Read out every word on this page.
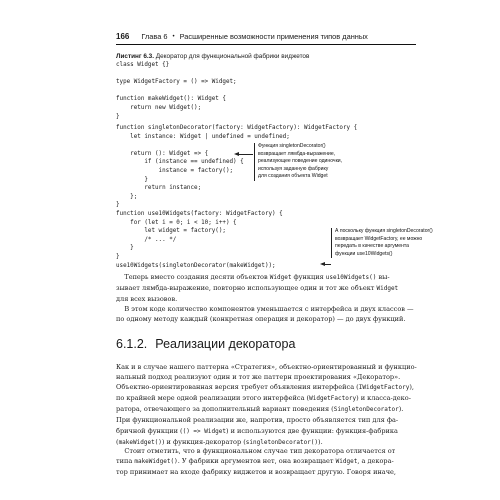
166 Глава 6 • Расширенные возможности применения типов данных
Листинг 6.3. Декоратор для функциональной фабрики виджетов
class Widget {}

type WidgetFactory = () => Widget;

function makeWidget(): Widget {
return new Widget();
}
function singletonDecorator(factory: WidgetFactory): WidgetFactory {
let instance: Widget | undefined = undefined;

return (): Widget => {
if (instance == undefined) {
instance = factory();
}
return instance;
};
}
function use10Widgets(factory: WidgetFactory) {
for (let i = 0; i < 10; i++) {
let widget = factory();
/* ... */
}
}
use10Widgets(singletonDecorator(makeWidget));
Функция singletonDecorator()
возвращает лямбда-выражение,
реализующее поведение одиночки,
используя заданную фабрику
для создания объекта Widget
А поскольку функция singletonDecorator()
возвращает WidgetFactory, ее можно
передать в качестве аргумента
функции use10Widgets()
Теперь вместо создания десяти объектов Widget функция use10Widgets() вы-
зывает лямбда-выражение, повторно использующее один и тот же объект Widget
для всех вызовов.
В этом коде количество компонентов уменьшается с интерфейса и двух классов —
по одному методу каждый (конкретная операция и декоратор) — до двух функций.
6.1.2. Реализации декоратора
Как и в случае нашего паттерна «Стратегия», объектно-ориентированный и функцио-
нальный подход реализуют один и тот же паттерн проектирования «Декоратор».
Объектно-ориентированная версия требует объявления интерфейса (IWidgetFactory),
по крайней мере одной реализации этого интерфейса (WidgetFactory) и класса-деко-
ратора, отвечающего за дополнительный вариант поведения (SingletonDecorator).
При функциональной реализации же, напротив, просто объявляется тип для фа-
бричной функции (() => Widget) и используются две функции: функция-фабрика
(makeWidget()) и функция-декоратор (singletonDecorator()).
Стоит отметить, что в функциональном случае тип декоратора отличается от
типа makeWidget(). У фабрики аргументов нет, она возвращает Widget, а декора-
тор принимает на входе фабрику виджетов и возвращает другую. Говоря иначе,
